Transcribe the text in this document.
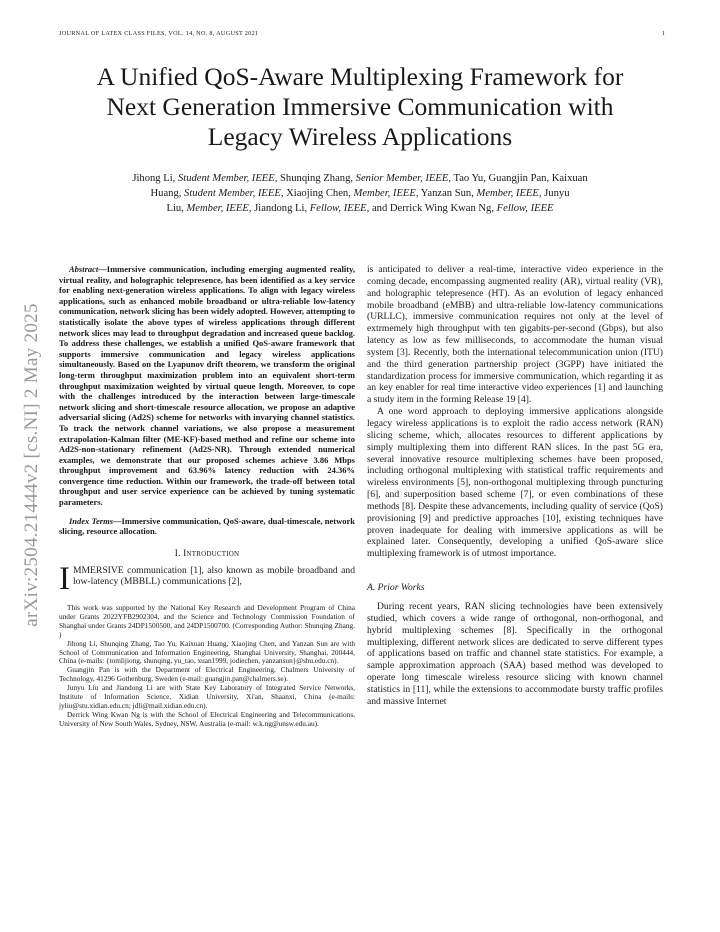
JOURNAL OF LATEX CLASS FILES, VOL. 14, NO. 8, AUGUST 2021	1
A Unified QoS-Aware Multiplexing Framework for
Next Generation Immersive Communication with
Legacy Wireless Applications
Jihong Li, Student Member, IEEE, Shunqing Zhang, Senior Member, IEEE, Tao Yu, Guangjin Pan, Kaixuan
Huang, Student Member, IEEE, Xiaojing Chen, Member, IEEE, Yanzan Sun, Member, IEEE, Junyu
Liu, Member, IEEE, Jiandong Li, Fellow, IEEE, and Derrick Wing Kwan Ng, Fellow, IEEE
arXiv:2504.21444v2 [cs.NI] 2 May 2025

Abstract—Immersive communication, including emerging augmented reality, virtual reality, and holographic telepresence, has been identified as a key service for enabling next-generation wireless applications. To align with legacy wireless applications, such as enhanced mobile broadband or ultra-reliable low-latency communication, network slicing has been widely adopted. However, attempting to statistically isolate the above types of wireless applications through different network slices may lead to throughput degradation and increased queue backlog. To address these challenges, we establish a unified QoS-aware framework that supports immersive communication and legacy wireless applications simultaneously. Based on the Lyapunov drift theorem, we transform the original long-term throughput maximization problem into an equivalent short-term throughput maximization weighted by virtual queue length. Moreover, to cope with the challenges introduced by the interaction between large-timescale network slicing and short-timescale resource allocation, we propose an adaptive adversarial slicing (Ad2S) scheme for networks with invarying channel statistics. To track the network channel variations, we also propose a measurement extrapolation-Kalman filter (ME-KF)-based method and refine our scheme into Ad2S-non-stationary refinement (Ad2S-NR). Through extended numerical examples, we demonstrate that our proposed schemes achieve 3.86 Mbps throughput improvement and 63.96% latency reduction with 24.36% convergence time reduction. Within our framework, the trade-off between total throughput and user service experience can be achieved by tuning systematic parameters.

Index Terms—Immersive communication, QoS-aware, dual-timescale, network slicing, resource allocation.

I. Introduction

IMMERSIVE communication [1], also known as mobile broadband and low-latency (MBBLL) communications [2],

This work was supported by the National Key Research and Development Program of China under Grants 2022YFB2902304, and the Science and Technology Commission Foundation of Shanghai under Grants 24DP1500500, and 24DP1500700. (Corresponding Author: Shunqing Zhang. )

Jihong Li, Shunqing Zhang, Tao Yu, Kaixuan Huang, Xiaojing Chen, and Yanzan Sun are with School of Communication and Information Engineering, Shanghai University, Shanghai, 200444, China (e-mails: {tomlijiong, shunqing, yu_tao, xuan1999, jodiechen, yanzansun}@shu.edu.cn).

Guangjin Pan is with the Department of Electrical Engineering, Chalmers University of Technology, 41296 Gothenburg, Sweden (e-mail: guangjin.pan@chalmers.se).

Junyu Liu and Jiandong Li are with State Key Laboratory of Integrated Service Networks, Institute of Information Science, Xidian University, Xi'an, Shaanxi, China (e-mails: jyliu@stu.xidian.edu.cn; jdli@mail.xidian.edu.cn).

Derrick Wing Kwan Ng is with the School of Electrical Engineering and Telecommunications, University of New South Wales, Sydney, NSW, Australia (e-mail: w.k.ng@unsw.edu.au).

is anticipated to deliver a real-time, interactive video experience in the coming decade, encompassing augmented reality (AR), virtual reality (VR), and holographic telepresence (HT). As an evolution of legacy enhanced mobile broadband (eMBB) and ultra-reliable low-latency communications (URLLC), immersive communication requires not only at the level of extrmemely high throughput with ten gigabits-per-second (Gbps), but also latency as low as few milliseconds, to accommodate the human visual system [3]. Recently, both the international telecommunication union (ITU) and the third generation partnership project (3GPP) have initiated the standardization process for immersive communication, which regarding it as an key enabler for real time interactive video experiences [1] and launching a study item in the forming Release 19 [4].

A one word approach to deploying immersive applications alongside legacy wireless applications is to exploit the radio access network (RAN) slicing scheme, which, allocates resources to different applications by simply multiplexing them into different RAN slices. In the past 5G era, several innovative resource multiplexing schemes have been proposed, including orthogonal multiplexing with statistical traffic requirements and wireless environments [5], non-orthogonal multiplexing through puncturing [6], and superposition based scheme [7], or even combinations of these methods [8]. Despite these advancements, including quality of service (QoS) provisioning [9] and predictive approaches [10], existing techniques have proven inadequate for dealing with immersive applications as will be explained later. Consequently, developing a unified QoS-aware slice multiplexing framework is of utmost importance.

A. Prior Works

During recent years, RAN slicing technologies have been extensively studied, which covers a wide range of orthogonal, non-orthogonal, and hybrid multiplexing schemes [8]. Specifically in the orthogonal multiplexing, different network slices are dedicated to serve different types of applications based on traffic and channel state statistics. For example, a sample approximation approach (SAA) based method was developed to operate long timescale wireless resource slicing with known channel statistics in [11], while the extensions to accommodate bursty traffic profiles and massive Internet
